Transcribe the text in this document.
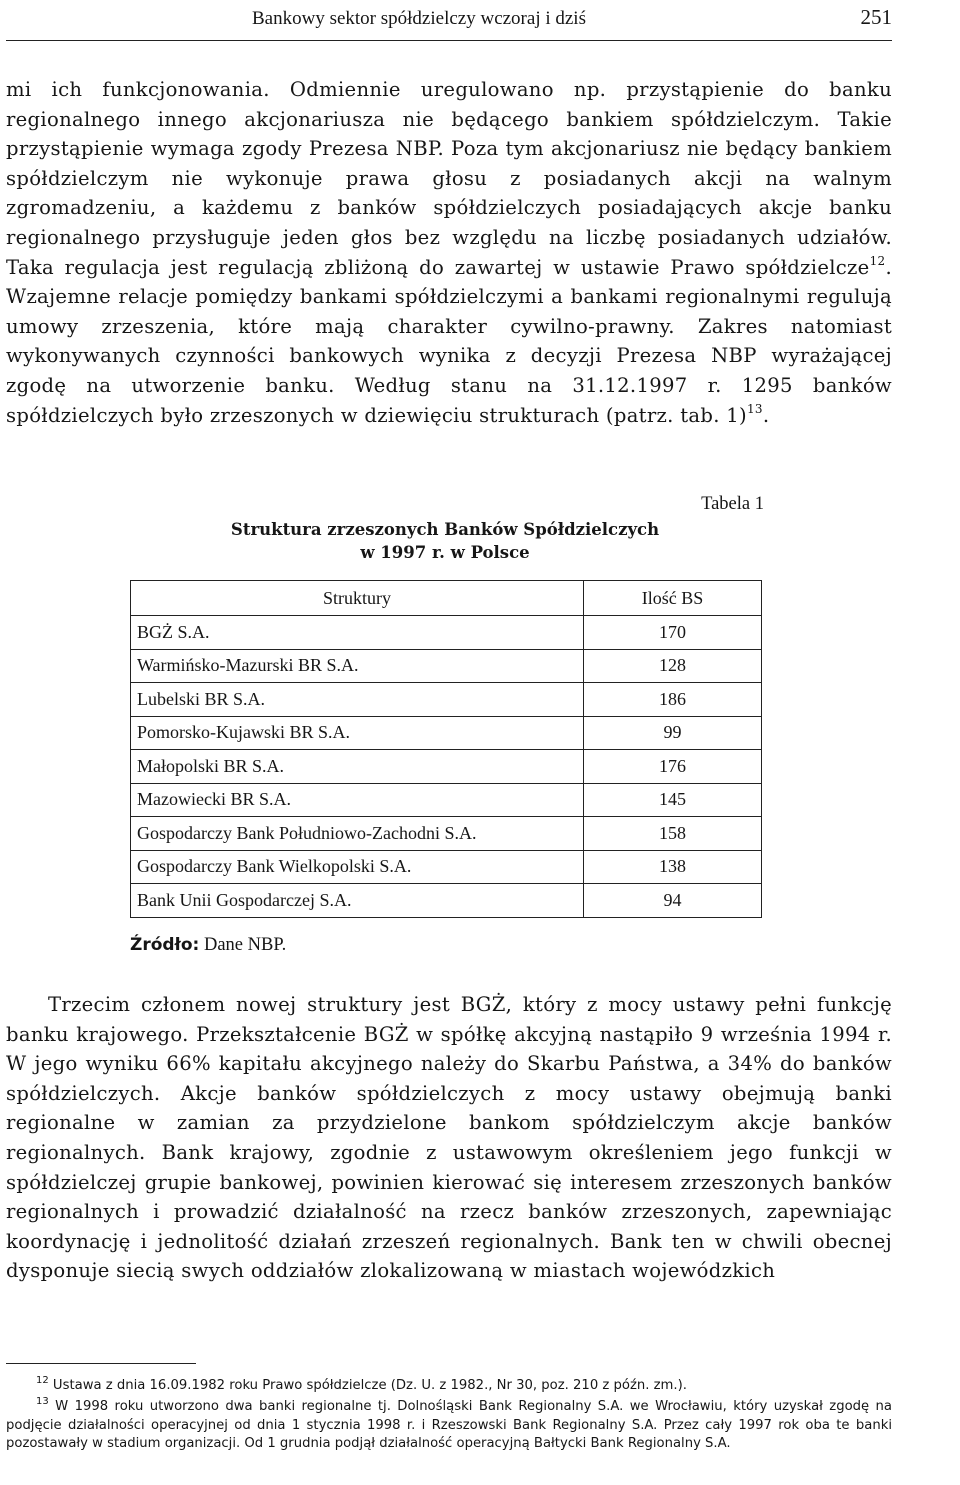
Bankowy sektor spółdzielczy wczoraj i dziś	251

mi ich funkcjonowania. Odmiennie uregulowano np. przystąpienie do banku regionalnego innego akcjonariusza nie będącego bankiem spółdzielczym. Takie przystąpienie wymaga zgody Prezesa NBP. Poza tym akcjonariusz nie będący bankiem spółdzielczym nie wykonuje prawa głosu z posiadanych akcji na walnym zgromadzeniu, a każdemu z banków spółdzielczych posiadających akcje banku regionalnego przysługuje jeden głos bez względu na liczbę posiadanych udziałów. Taka regulacja jest regulacją zbliżoną do zawartej w ustawie Prawo spółdzielcze$^{12}$. Wzajemne relacje pomiędzy bankami spółdzielczymi a bankami regionalnymi regulują umowy zrzeszenia, które mają charakter cywilno-prawny. Zakres natomiast wykonywanych czynności bankowych wynika z decyzji Prezesa NBP wyrażającej zgodę na utworzenie banku. Według stanu na 31.12.1997 r. 1295 banków spółdzielczych było zrzeszonych w dziewięciu strukturach (patrz. tab. 1)$^{13}$.

Tabela 1
Struktura zrzeszonych Banków Spółdzielczych
w 1997 r. w Polsce
Struktury	Ilość BS
BGŻ S.A.	170
Warmińsko-Mazurski BR S.A.	128
Lubelski BR S.A.	186
Pomorsko-Kujawski BR S.A.	99
Małopolski BR S.A.	176
Mazowiecki BR S.A.	145
Gospodarczy Bank Południowo-Zachodni S.A.	158
Gospodarczy Bank Wielkopolski S.A.	138
Bank Unii Gospodarczej S.A.	94
Źródło: Dane NBP.

Trzecim członem nowej struktury jest BGŻ, który z mocy ustawy pełni funkcję banku krajowego. Przekształcenie BGŻ w spółkę akcyjną nastąpiło 9 września 1994 r. W jego wyniku 66% kapitału akcyjnego należy do Skarbu Państwa, a 34% do banków spółdzielczych. Akcje banków spółdzielczych z mocy ustawy obejmują banki regionalne w zamian za przydzielone bankom spółdzielczym akcje banków regionalnych. Bank krajowy, zgodnie z ustawowym określeniem jego funkcji w spółdzielczej grupie bankowej, powinien kierować się interesem zrzeszonych banków regionalnych i prowadzić działalność na rzecz banków zrzeszonych, zapewniając koordynację i jednolitość działań zrzeszeń regionalnych. Bank ten w chwili obecnej dysponuje siecią swych oddziałów zlokalizowaną w miastach wojewódzkich

$^{12}$ Ustawa z dnia 16.09.1982 roku Prawo spółdzielcze (Dz. U. z 1982., Nr 30, poz. 210 z późn. zm.).

$^{13}$ W 1998 roku utworzono dwa banki regionalne tj. Dolnośląski Bank Regionalny S.A. we Wrocławiu, który uzyskał zgodę na podjęcie działalności operacyjnej od dnia 1 stycznia 1998 r. i Rzeszowski Bank Regionalny S.A. Przez cały 1997 rok oba te banki pozostawały w stadium organizacji. Od 1 grudnia podjął działalność operacyjną Bałtycki Bank Regionalny S.A.
